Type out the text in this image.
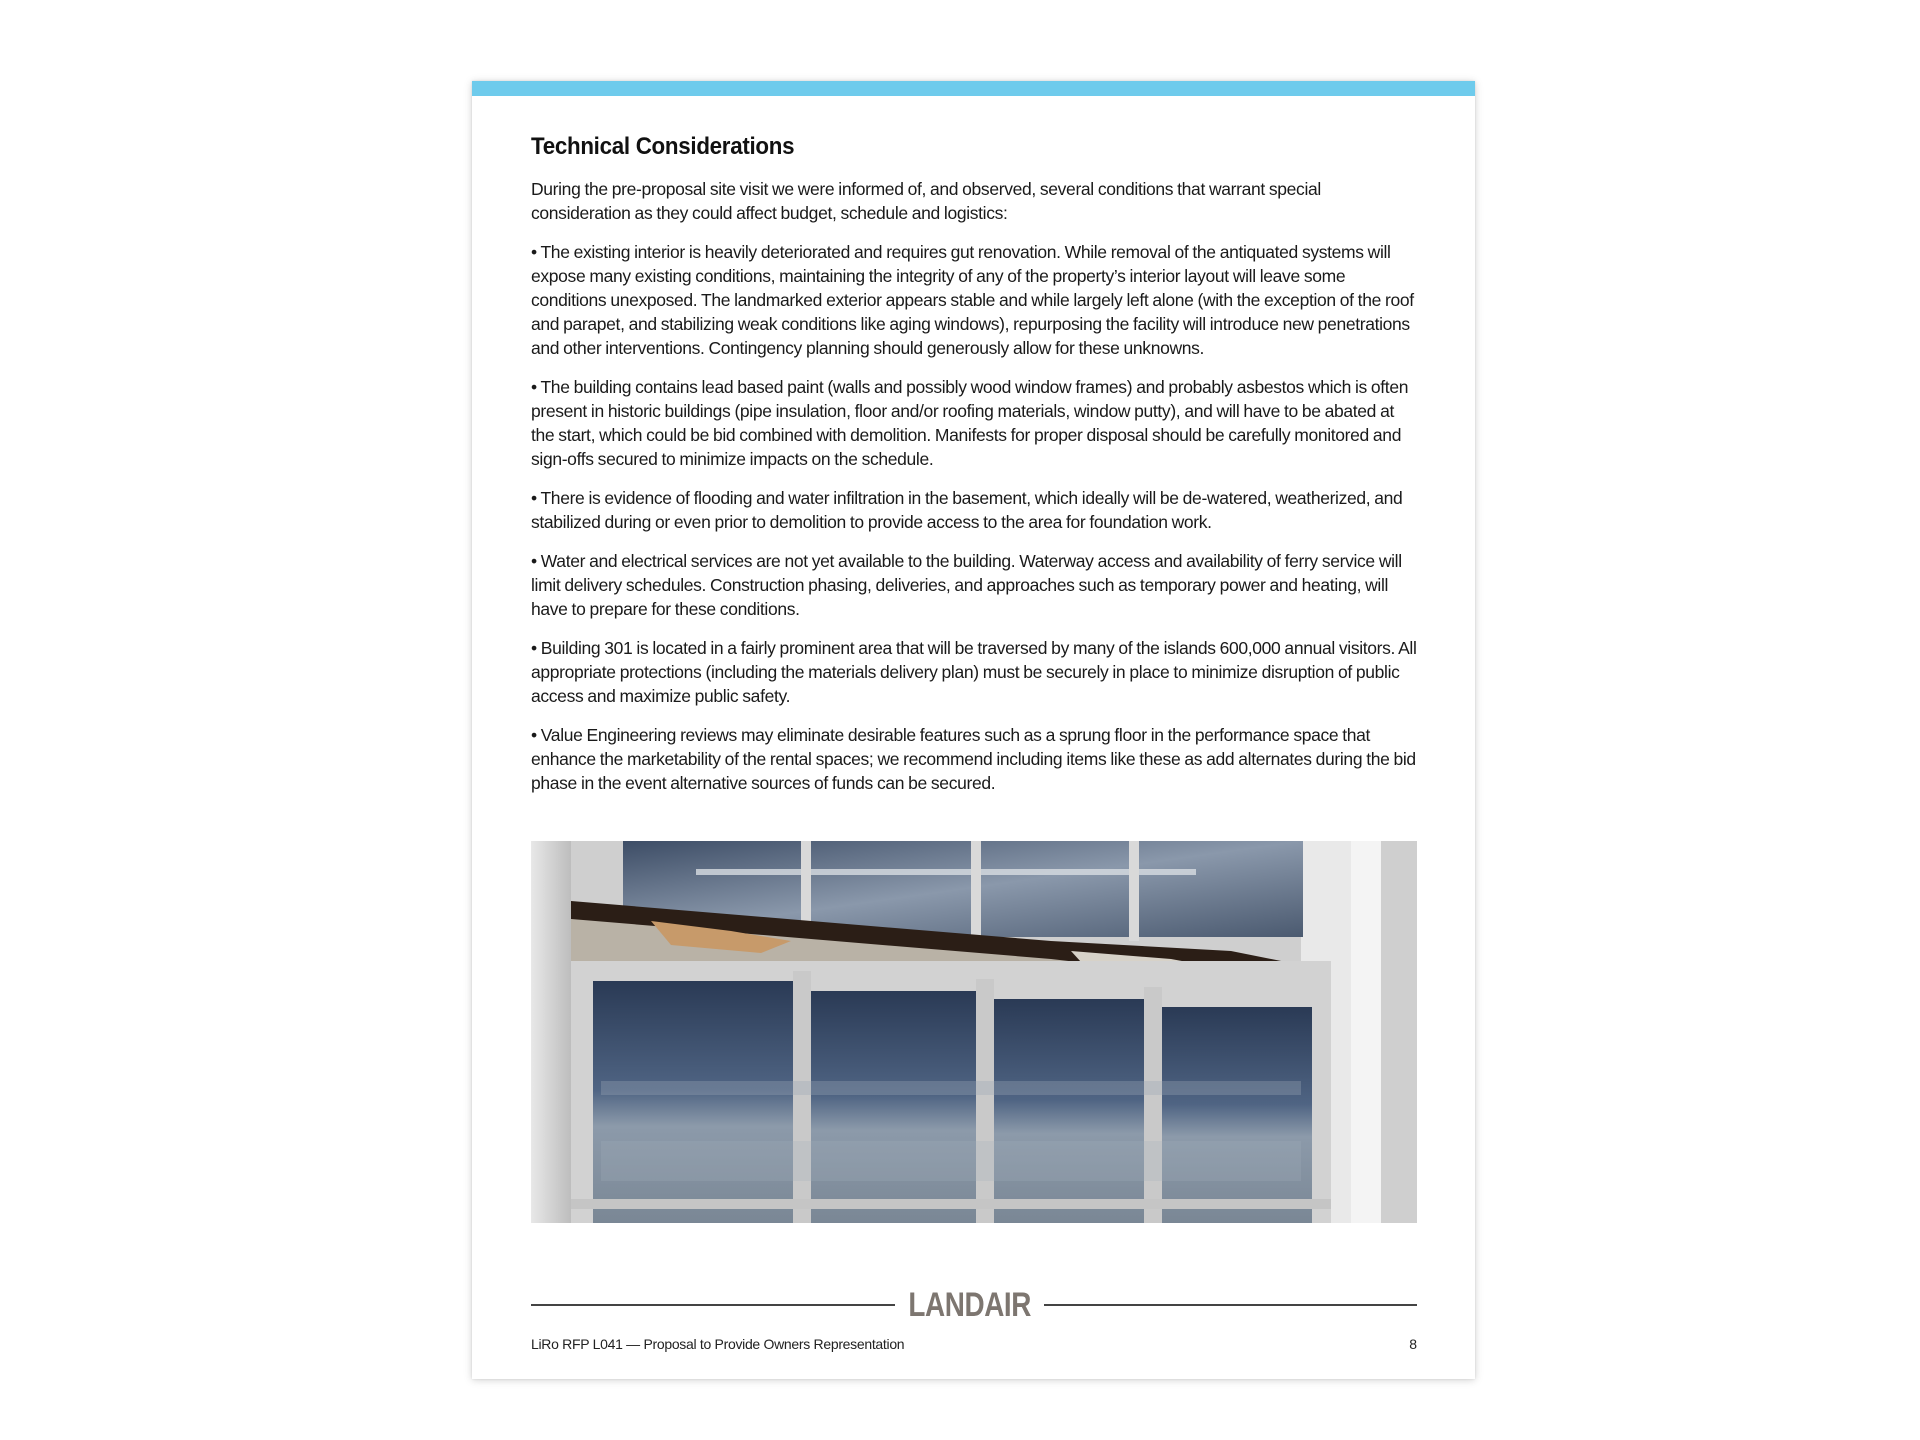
Technical Considerations

During the pre-proposal site visit we were informed of, and observed, several conditions that warrant special consideration as they could affect budget, schedule and logistics:

• The existing interior is heavily deteriorated and requires gut renovation. While removal of the antiquated systems will expose many existing conditions, maintaining the integrity of any of the property’s interior layout will leave some conditions unexposed. The landmarked exterior appears stable and while largely left alone (with the exception of the roof and parapet, and stabilizing weak conditions like aging windows), repurposing the facility will introduce new penetrations and other interventions. Contingency planning should generously allow for these unknowns.

• The building contains lead based paint (walls and possibly wood window frames) and probably asbestos which is often present in historic buildings (pipe insulation, floor and/or roofing materials, window putty), and will have to be abated at the start, which could be bid combined with demolition. Manifests for proper disposal should be carefully monitored and sign-offs secured to minimize impacts on the schedule.

• There is evidence of flooding and water infiltration in the basement, which ideally will be de-watered, weatherized, and stabilized during or even prior to demolition to provide access to the area for foundation work.

• Water and electrical services are not yet available to the building. Waterway access and availability of ferry service will limit delivery schedules. Construction phasing, deliveries, and approaches such as temporary power and heating, will have to prepare for these conditions.

• Building 301 is located in a fairly prominent area that will be traversed by many of the islands 600,000 annual visitors. All appropriate protections (including the materials delivery plan) must be securely in place to minimize disruption of public access and maximize public safety.

• Value Engineering reviews may eliminate desirable features such as a sprung floor in the performance space that enhance the marketability of the rental spaces; we recommend including items like these as add alternates during the bid phase in the event alternative sources of funds can be secured.

LANDAIR
LiRo RFP L041 — Proposal to Provide Owners Representation	8
